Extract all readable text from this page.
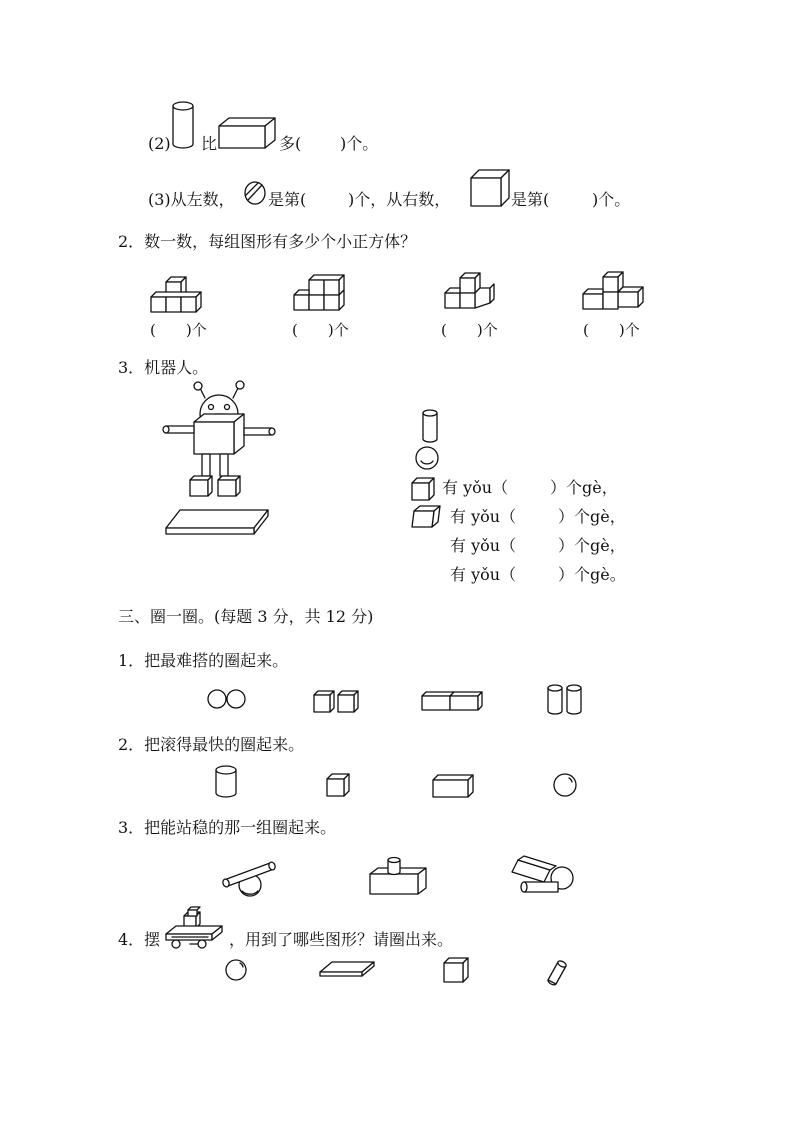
(2) 比	多( )个。
(3)从左数， 是第(	)个，从右数，	是第(	)个。
2．数一数，每组图形有多少个小正方体？
(　　)个	(　　)个	(　　)个	(　　)个
3．机器人。
有 yǒu（	）个gè，
有 yǒu（	）个gè，
有 yǒu（	）个gè，
有 yǒu（	）个gè。
三、圈一圈。(每题 3 分，共 12 分)
1．把最难搭的圈起来。
2．把滚得最快的圈起来。
3．把能站稳的那一组圈起来。
4．摆	，用到了哪些图形？请圈出来。
